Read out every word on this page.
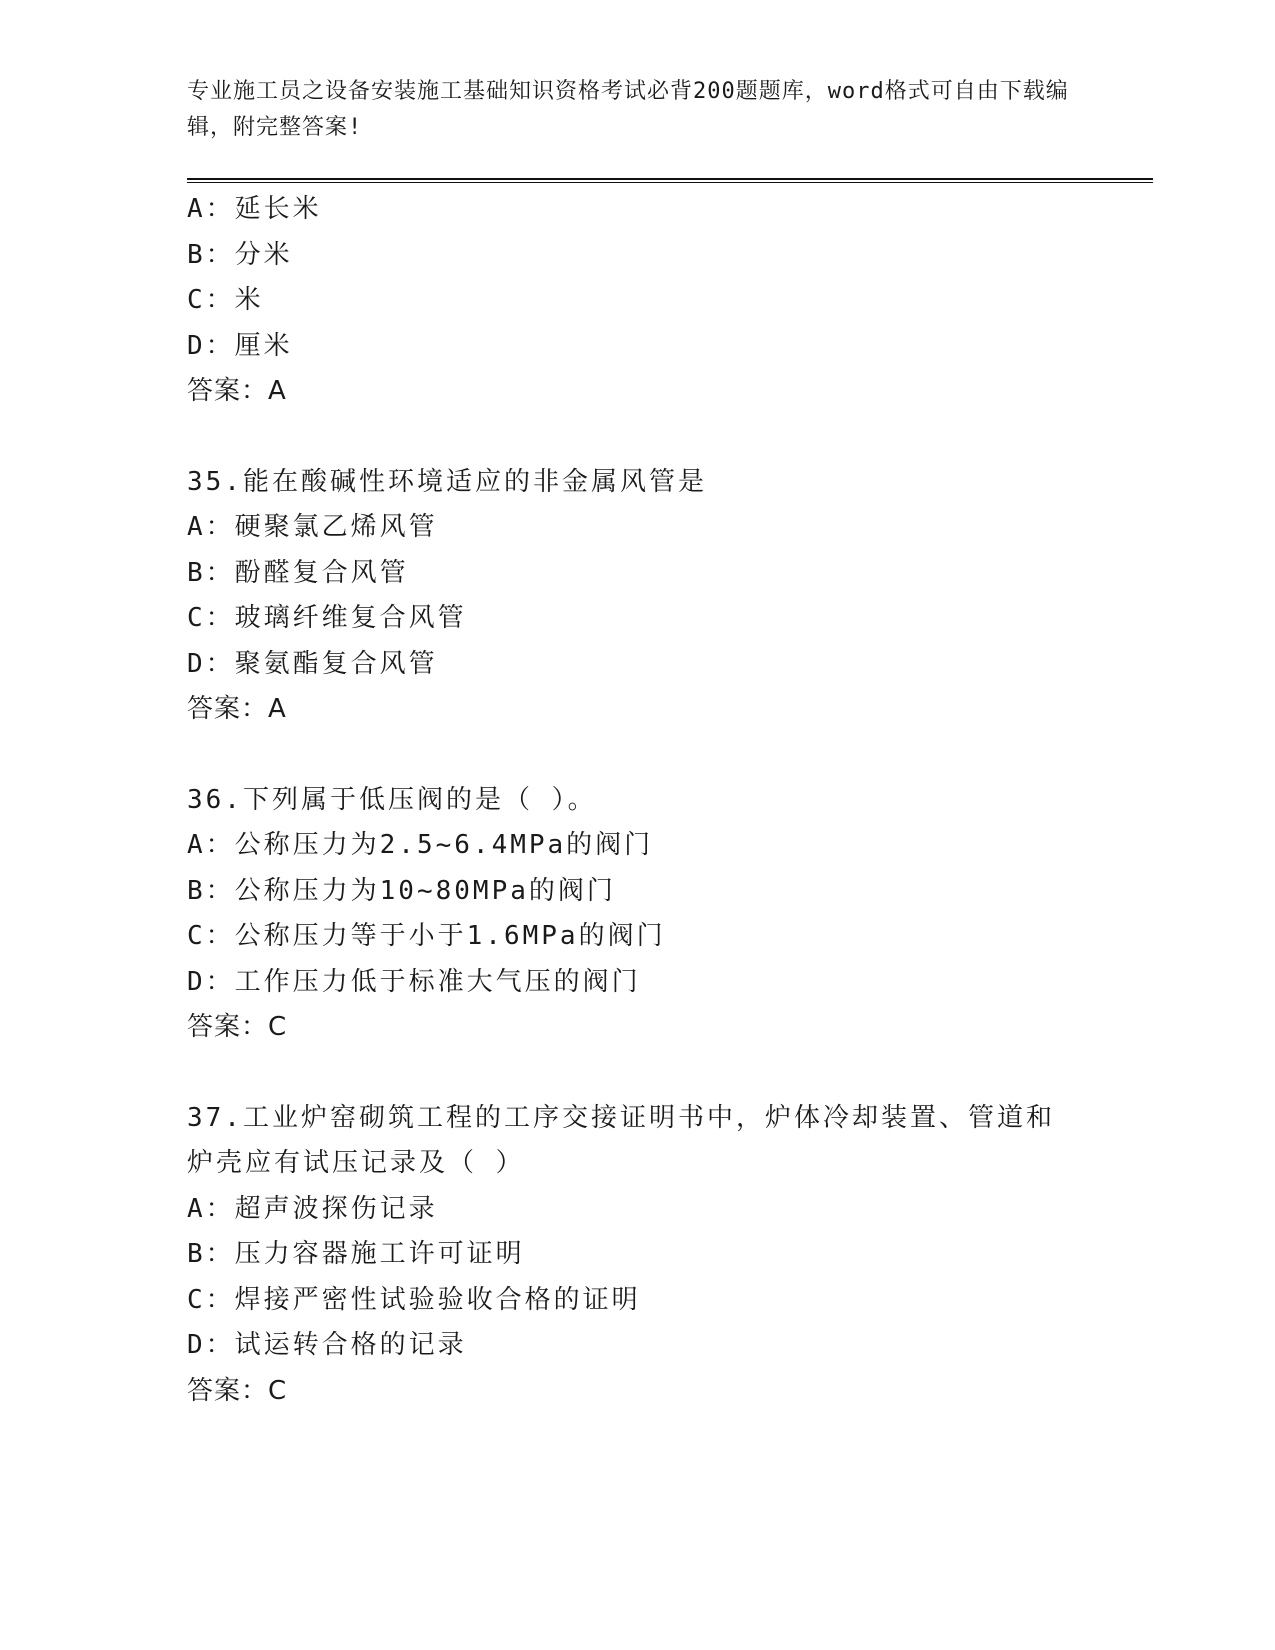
专业施工员之设备安装施工基础知识资格考试必背200题题库，word格式可自由下载编辑，附完整答案!
A：延长米
B：分米
C：米
D：厘米
答案：A
35.能在酸碱性环境适应的非金属风管是
A：硬聚氯乙烯风管
B：酚醛复合风管
C：玻璃纤维复合风管
D：聚氨酯复合风管
答案：A
36.下列属于低压阀的是（ ）。
A：公称压力为2.5~6.4MPa的阀门
B：公称压力为10~80MPa的阀门
C：公称压力等于小于1.6MPa的阀门
D：工作压力低于标准大气压的阀门
答案：C
37.工业炉窑砌筑工程的工序交接证明书中，炉体冷却装置、管道和炉壳应有试压记录及（ ）
A：超声波探伤记录
B：压力容器施工许可证明
C：焊接严密性试验验收合格的证明
D：试运转合格的记录
答案：C
